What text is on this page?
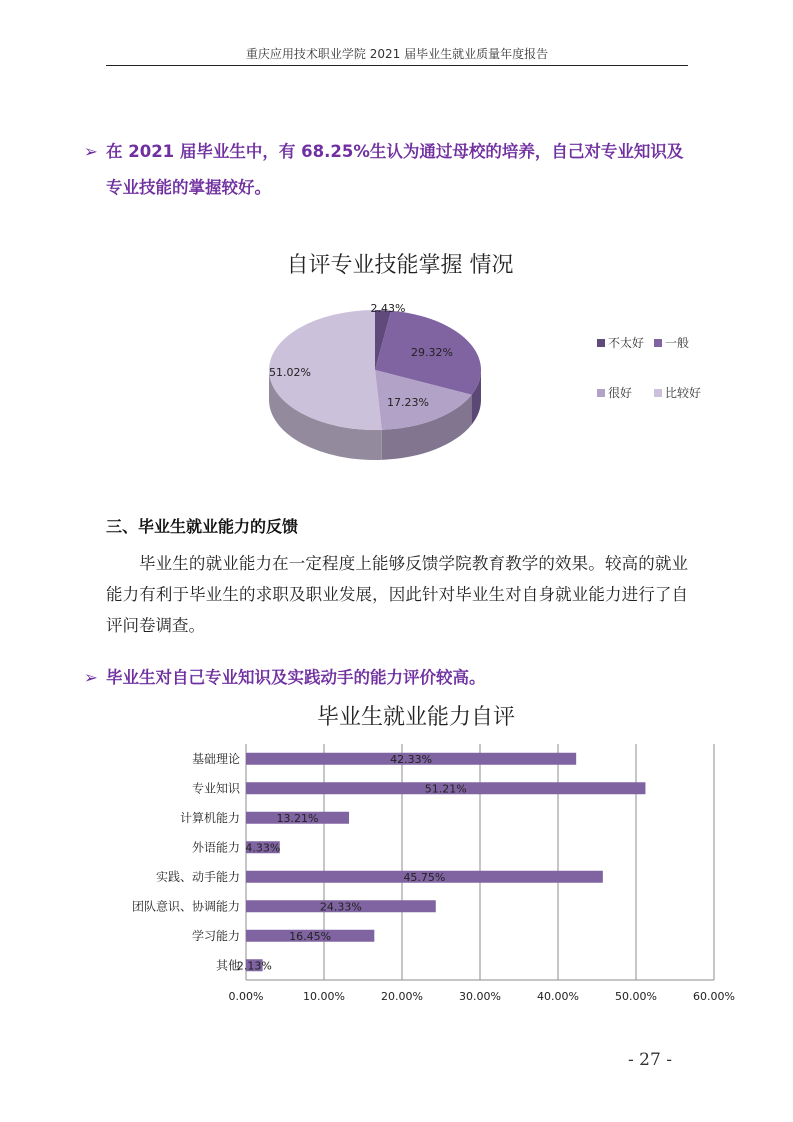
重庆应用技术职业学院 2021 届毕业生就业质量年度报告
➢ 在 2021 届毕业生中，有 68.25%生认为通过母校的培养，自己对专业知识及专业技能的掌握较好。
自评专业技能掌握 情况
2.43%
29.32%
17.23%
51.02%
不太好 一般
很好	比较好
三、毕业生就业能力的反馈
毕业生的就业能力在一定程度上能够反馈学院教育教学的效果。较高的就业能力有利于毕业生的求职及职业发展，因此针对毕业生对自身就业能力进行了自评问卷调查。
➢ 毕业生对自己专业知识及实践动手的能力评价较高。
毕业生就业能力自评
42.33%
51.21%
13.21%
4.33%
45.75%
24.33%
16.45%
2.13%
基础理论
专业知识
计算机能力
外语能力
实践、动手能力
团队意识、协调能力
学习能力
其他
0.00%	10.00%	20.00%	30.00%	40.00%	50.00%	60.00%
- 27 -
